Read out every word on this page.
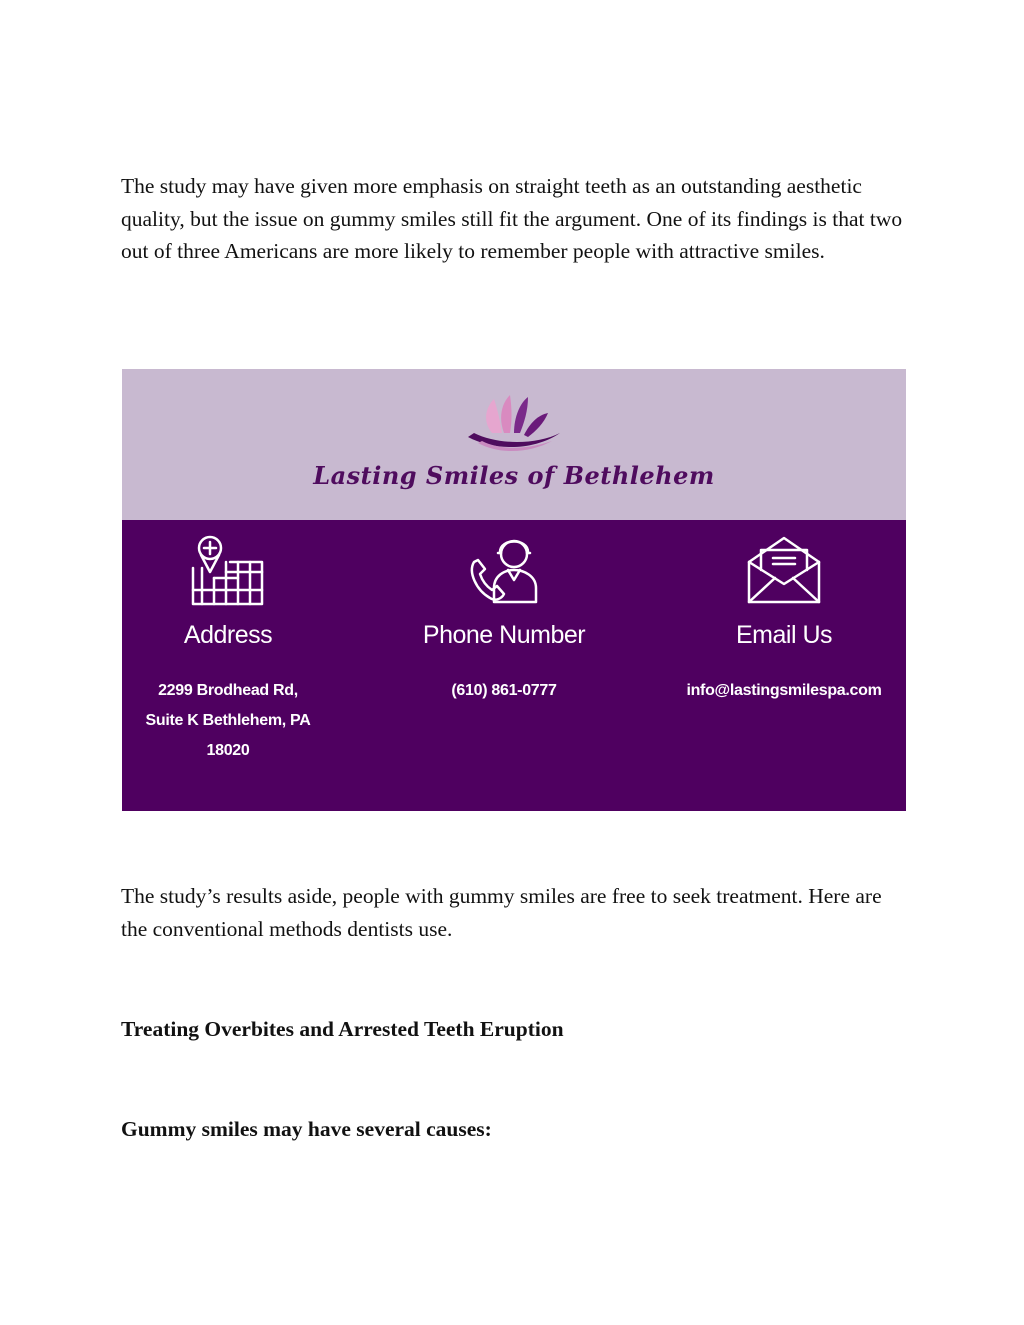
The study may have given more emphasis on straight teeth as an outstanding aesthetic quality, but the issue on gummy smiles still fit the argument. One of its findings is that two out of three Americans are more likely to remember people with attractive smiles.

Lasting Smiles of Bethlehem
Address
2299 Brodhead Rd,
Suite K Bethlehem, PA
18020
Phone Number
(610) 861-0777
Email Us
info@lastingsmilespa.com

The study’s results aside, people with gummy smiles are free to seek treatment. Here are the conventional methods dentists use.

Treating Overbites and Arrested Teeth Eruption
Gummy smiles may have several causes:
